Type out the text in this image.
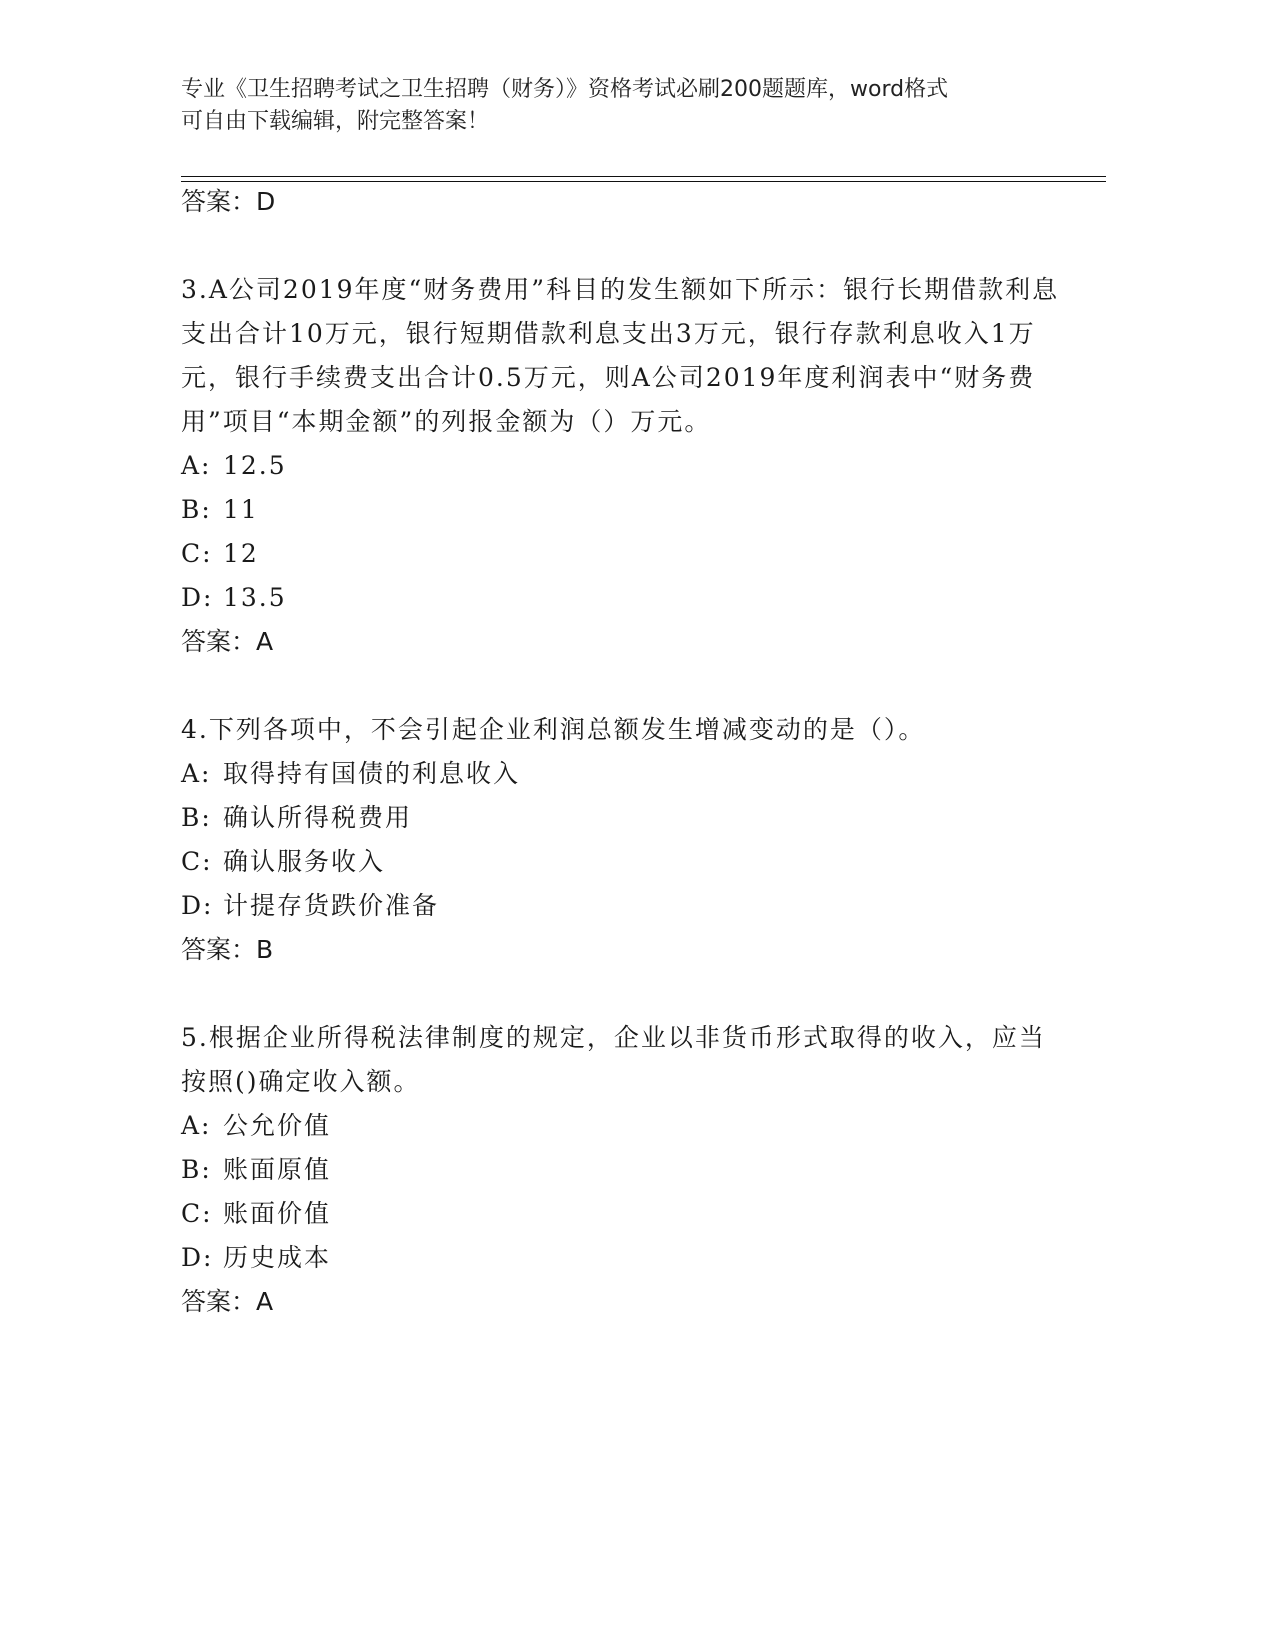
专业《卫生招聘考试之卫生招聘（财务）》资格考试必刷200题题库，word格式
可自由下载编辑，附完整答案！
答案：D
3.A公司2019年度“财务费用”科目的发生额如下所示：银行长期借款利息支出合计10万元，银行短期借款利息支出3万元，银行存款利息收入1万元，银行手续费支出合计0.5万元，则A公司2019年度利润表中“财务费用”项目“本期金额”的列报金额为（）万元。
A: 12.5
B: 11
C: 12
D: 13.5
答案：A
4.下列各项中，不会引起企业利润总额发生增减变动的是（）。
A: 取得持有国债的利息收入
B: 确认所得税费用
C: 确认服务收入
D: 计提存货跌价准备
答案：B
5.根据企业所得税法律制度的规定，企业以非货币形式取得的收入，应当按照()确定收入额。
A: 公允价值
B: 账面原值
C: 账面价值
D: 历史成本
答案：A
